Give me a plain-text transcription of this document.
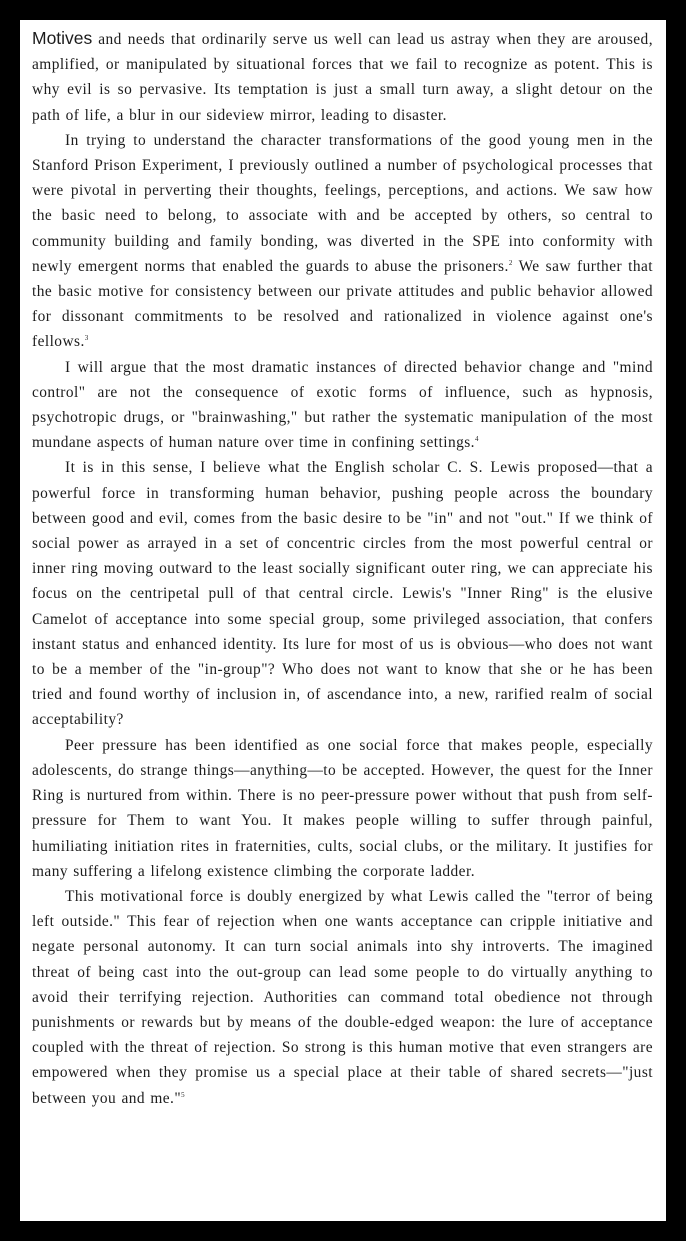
Motives and needs that ordinarily serve us well can lead us astray when they are aroused, amplified, or manipulated by situational forces that we fail to recognize as potent. This is why evil is so pervasive. Its temptation is just a small turn away, a slight detour on the path of life, a blur in our sideview mirror, leading to disaster.

In trying to understand the character transformations of the good young men in the Stanford Prison Experiment, I previously outlined a number of psychological processes that were pivotal in perverting their thoughts, feelings, perceptions, and actions. We saw how the basic need to belong, to associate with and be accepted by others, so central to community building and family bonding, was diverted in the SPE into conformity with newly emergent norms that enabled the guards to abuse the prisoners.$^2$ We saw further that the basic motive for consistency between our private attitudes and public behavior allowed for dissonant commitments to be resolved and rationalized in violence against one's fellows.$^3$

I will argue that the most dramatic instances of directed behavior change and "mind control" are not the consequence of exotic forms of influence, such as hypnosis, psychotropic drugs, or "brainwashing," but rather the systematic manipulation of the most mundane aspects of human nature over time in confining settings.$^4$

It is in this sense, I believe what the English scholar C. S. Lewis proposed—that a powerful force in transforming human behavior, pushing people across the boundary between good and evil, comes from the basic desire to be "in" and not "out." If we think of social power as arrayed in a set of concentric circles from the most powerful central or inner ring moving outward to the least socially significant outer ring, we can appreciate his focus on the centripetal pull of that central circle. Lewis's "Inner Ring" is the elusive Camelot of acceptance into some special group, some privileged association, that confers instant status and enhanced identity. Its lure for most of us is obvious—who does not want to be a member of the "in-group"? Who does not want to know that she or he has been tried and found worthy of inclusion in, of ascendance into, a new, rarified realm of social acceptability?

Peer pressure has been identified as one social force that makes people, especially adolescents, do strange things—anything—to be accepted. However, the quest for the Inner Ring is nurtured from within. There is no peer-pressure power without that push from self-pressure for Them to want You. It makes people willing to suffer through painful, humiliating initiation rites in fraternities, cults, social clubs, or the military. It justifies for many suffering a lifelong existence climbing the corporate ladder.

This motivational force is doubly energized by what Lewis called the "terror of being left outside." This fear of rejection when one wants acceptance can cripple initiative and negate personal autonomy. It can turn social animals into shy introverts. The imagined threat of being cast into the out-group can lead some people to do virtually anything to avoid their terrifying rejection. Authorities can command total obedience not through punishments or rewards but by means of the double-edged weapon: the lure of acceptance coupled with the threat of rejection. So strong is this human motive that even strangers are empowered when they promise us a special place at their table of shared secrets—"just between you and me."$^5$
